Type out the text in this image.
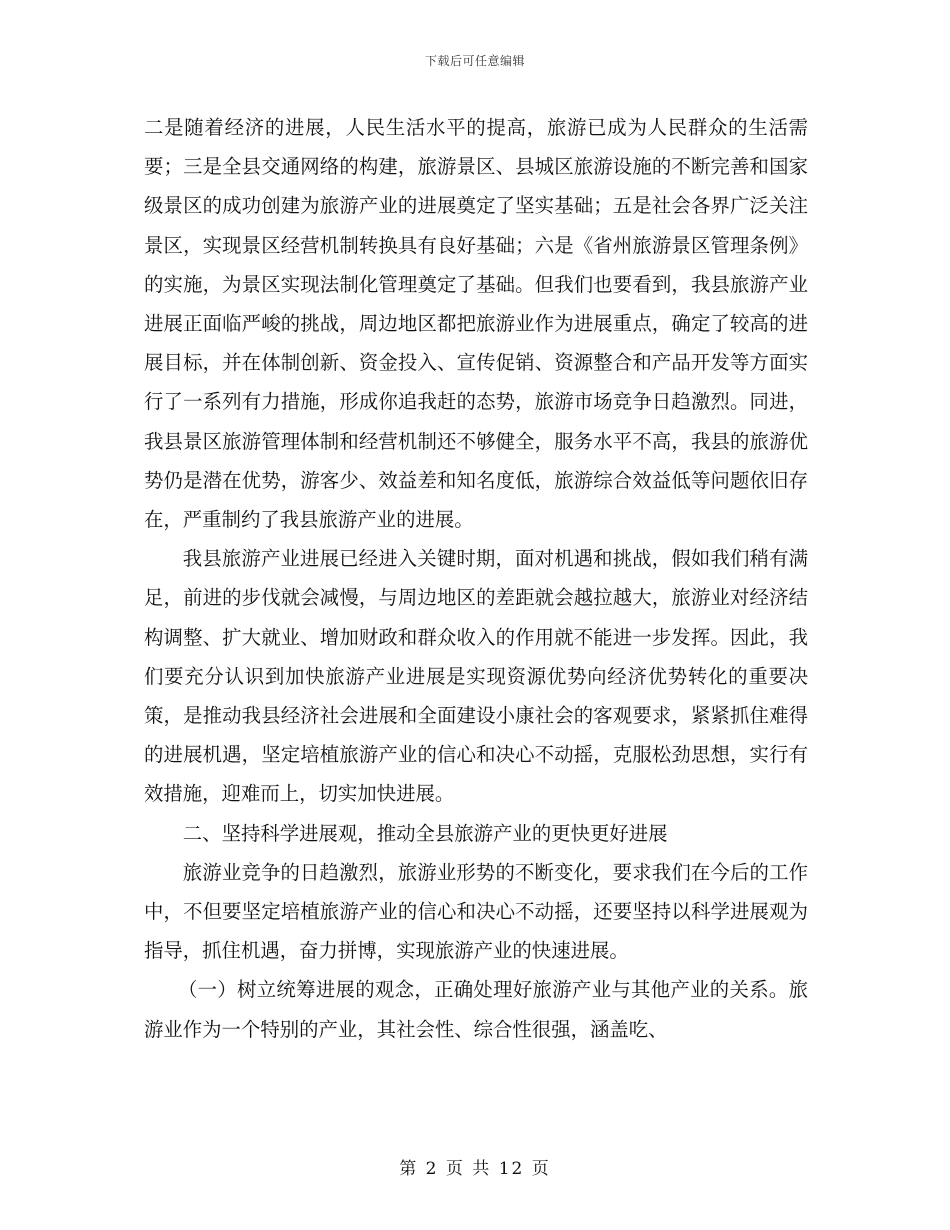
下载后可任意编辑

二是随着经济的进展，人民生活水平的提高，旅游已成为人民群众的生活需要；三是全县交通网络的构建，旅游景区、县城区旅游设施的不断完善和国家级景区的成功创建为旅游产业的进展奠定了坚实基础；五是社会各界广泛关注景区，实现景区经营机制转换具有良好基础；六是《省州旅游景区管理条例》的实施，为景区实现法制化管理奠定了基础。但我们也要看到，我县旅游产业进展正面临严峻的挑战，周边地区都把旅游业作为进展重点，确定了较高的进展目标，并在体制创新、资金投入、宣传促销、资源整合和产品开发等方面实行了一系列有力措施，形成你追我赶的态势，旅游市场竞争日趋激烈。同进，我县景区旅游管理体制和经营机制还不够健全，服务水平不高，我县的旅游优势仍是潜在优势，游客少、效益差和知名度低，旅游综合效益低等问题依旧存在，严重制约了我县旅游产业的进展。

我县旅游产业进展已经进入关键时期，面对机遇和挑战，假如我们稍有满足，前进的步伐就会减慢，与周边地区的差距就会越拉越大，旅游业对经济结构调整、扩大就业、增加财政和群众收入的作用就不能进一步发挥。因此，我们要充分认识到加快旅游产业进展是实现资源优势向经济优势转化的重要决策，是推动我县经济社会进展和全面建设小康社会的客观要求，紧紧抓住难得的进展机遇，坚定培植旅游产业的信心和决心不动摇，克服松劲思想，实行有效措施，迎难而上，切实加快进展。

二、坚持科学进展观，推动全县旅游产业的更快更好进展

旅游业竞争的日趋激烈，旅游业形势的不断变化，要求我们在今后的工作中，不但要坚定培植旅游产业的信心和决心不动摇，还要坚持以科学进展观为指导，抓住机遇，奋力拼博，实现旅游产业的快速进展。

（一）树立统筹进展的观念，正确处理好旅游产业与其他产业的关系。旅游业作为一个特别的产业，其社会性、综合性很强，涵盖吃、

第 2 页 共 12 页
